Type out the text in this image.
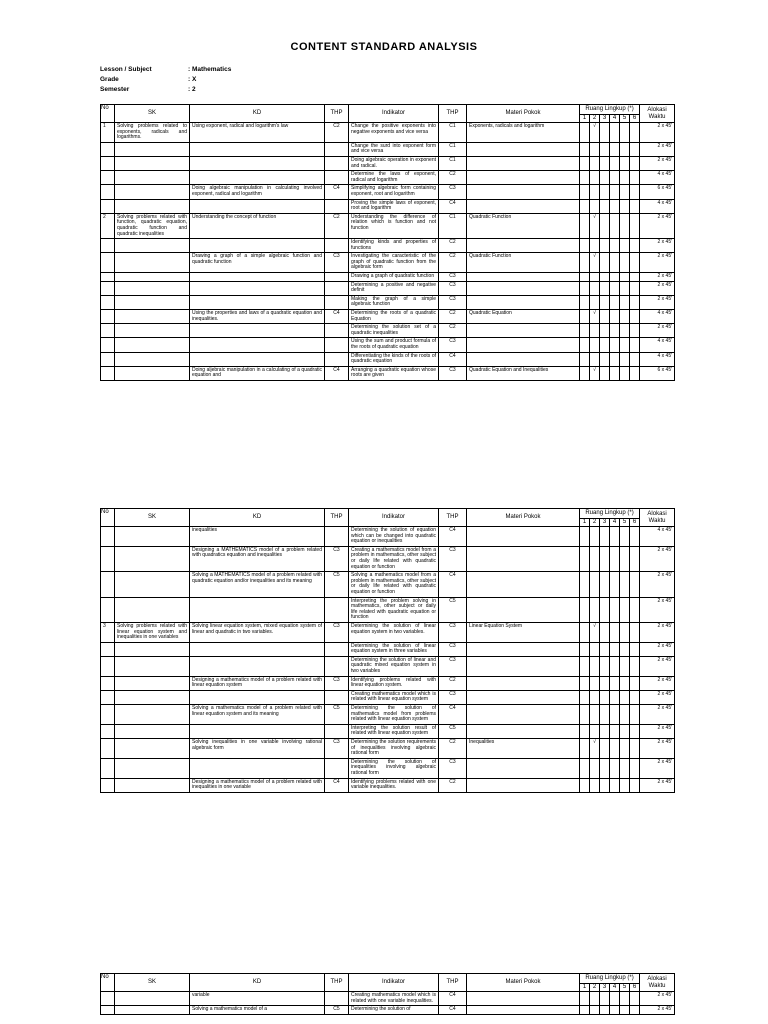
CONTENT STANDARD ANALYSIS
Lesson / Subject	: Mathematics
Grade	: X
Semester	: 2
No	SK	KD	THP	Indikator	THP	Materi Pokok	Ruang Lingkup (*)						Alokasi Waktu
							1	2	3	4	5	6	
1	Solving problems related to exponents, radicals and logarithms.	Using exponent, radical and logarithm's law	C2	Change the positive exponents into negative exponents and vice versa	C1	Exponents, radicals and logarithm		√					2 x 45'
				Change the surd into exponent form and vice versa	C1								2 x 45'
				Doing algebraic operation in exponent and radical.	C1								2 x 45'
				Determine the laws of exponent, radical and logarithm	C2								4 x 45'
		Doing algebraic manipulation in calculating involved exponent, radical and logarithm	C4	Simplifying algebraic form containing exponent, root and logarithm	C3								6 x 45'
				Proving the simple laws of exponent, root and logarithm	C4								4 x 45'
2	Solving problems related with function, quadratic equation, quadratic function and quadratic inequalities	Understanding the concept of function	C2	Understanding the difference of relation which is function and not function	C1	Quadratic Function		√					2 x 45'
				Identifying kinds and properties of functions	C2								2 x 45'
		Drawing a graph of a simple algebraic function and quadratic function	C3	Investigating the caracteristic of the graph of quadratic function from the algebraic form	C2	Quadratic Function		√					2 x 45'
				Drawing a graph of quadratic function	C3								2 x 45'
				Determining a positive and negative definit	C3								2 x 45'
				Making the graph of a simple algebraic function	C3								2 x 45'
		Using the properties and laws of a quadratic equation and inequalities.	C4	Determining the roots of a quadratic Equation	C2	Quadratic Equation		√					4 x 45'
				Determining the solution set of a quadratic inequalities	C2								2 x 45'
				Using the sum and product formula of the roots of quadratic equation	C3								4 x 45'
				Differentiating the kinds of the roots of quadratic equation	C4								4 x 45'
		Doing aljebraic manipulation in a calculating of a quadratic equation and	C4	Arranging a quadratic equation whose roots are given	C3	Quadratic Equation and Inequalities		√					6 x 45'
No	SK	KD	THP	Indikator	THP	Materi Pokok	Ruang Lingkup (*)						Alokasi Waktu
							1	2	3	4	5	6	
		inequalities		Determining the solution of equation which can be changed into quadratic equation or inequalities	C4								4 x 45'
		Designing a MATHEMATICS model of a problem related with quadratics equation and inequalities	C3	Creating a mathematics model from a problem in mathematics, other subject or daily life related with quadratic equation or function	C3								2 x 45'
		Solving a MATHEMATICS model of a problem related with quadratic equation and/or inequalities and its meaning	C5	Solving a mathematics model from a problem in mathematics, other subject or daily life related with quadratic equation or function	C4								2 x 45'
				Interpreting the problem solving in mathematics, other subject or daily life related with quadratic equation or function	C5								2 x 45'
3	Solving problems related with linear equation system and inequalities in one variables	Solving linear equation system, mixed equation system of linear and quadratic in two variables.	C3	Determining the solution of linear equation system in two variables.	C3	Linear Equation System		√					2 x 45'
				Determining the solution of linear equation system in three variables	C3								2 x 45'
				Determining the solution of linear and quadratic mixed equation system in two variables	C3								2 x 45'
		Designing a mathematics model of a problem related with linear equation system	C3	Identifying problems related with linear equation system.	C2								2 x 45'
				Creating mathematics model which is related with linear equation system	C3								2 x 45'
		Solving a mathematics model of a problem related with linear equation system and its meaning	C5	Determining the solution of mathematics model from problems related with linear equation system	C4								2 x 45'
				Interpreting the solution result of related with linear equation system	C5								2 x 45'
		Solving inequalities in one variable involving rational algebraic form	C3	Determining the solution requirements of inequalities involving algebraic rational form	C2	Inequalities		√					2 x 45'
				Determining the solution of inequalities involving algebraic rational form	C3								2 x 45'
		Designing a mathematics model of a problem related with inequalities in one variable	C4	Identifying problems related with one variable inequalities.	C2								2 x 45'
No	SK	KD	THP	Indikator	THP	Materi Pokok	Ruang Lingkup (*)						Alokasi Waktu
							1	2	3	4	5	6	
		variable		Creating mathematics model which is related with one variable inequalities.	C4								2 x 45'
		Solving a mathematics model of a	C5	Determining the solution of	C4								2 x 45'
